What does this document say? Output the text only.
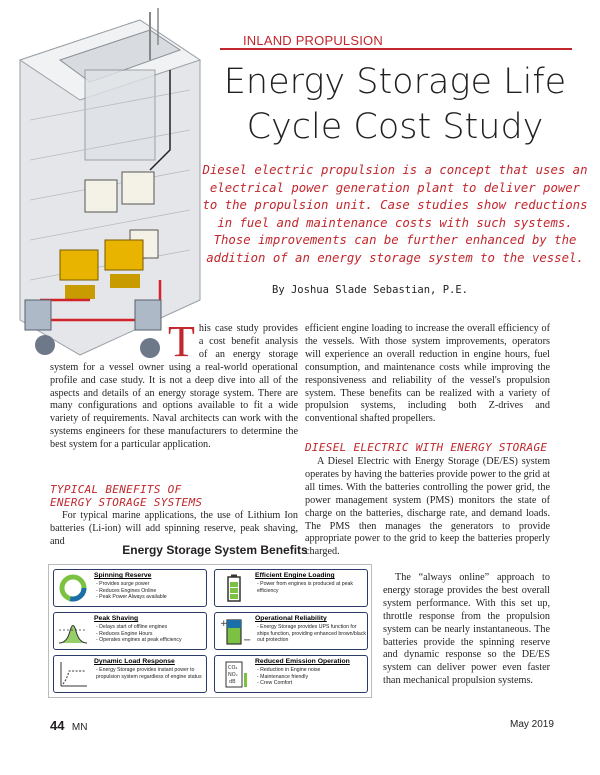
INLAND PROPULSION
Energy Storage Life
Cycle Cost Study
Diesel electric propulsion is a concept that uses an electrical power generation plant to deliver power to the propulsion unit. Case studies show reductions in fuel and maintenance costs with such systems. Those improvements can be further enhanced by the addition of an energy storage system to the vessel.
By Joshua Slade Sebastian, P.E.
T his case study provides a cost benefit analysis of an energy storage system for a vessel owner using a real-world operational profile and case study. It is not a deep dive into all of the aspects and details of an energy storage system. There are many configurations and options available to fit a wide variety of requirements. Naval architects can work with the systems engineers for these manufacturers to determine the best system for a particular application.
efficient engine loading to increase the overall efficiency of the vessels. With those system improvements, operators will experience an overall reduction in engine hours, fuel consumption, and maintenance costs while improving the responsiveness and reliability of the vessel's propulsion system. These benefits can be realized with a variety of propulsion systems, including both Z-drives and conventional shafted propellers.
TYPICAL BENEFITS OF
ENERGY STORAGE SYSTEMS
For typical marine applications, the use of Lithium Ion batteries (Li-ion) will add spinning reserve, peak shaving, and
DIESEL ELECTRIC WITH ENERGY STORAGE
A Diesel Electric with Energy Storage (DE/ES) system operates by having the batteries provide power to the grid at all times. With the batteries controlling the power grid, the power management system (PMS) monitors the state of charge on the batteries, discharge rate, and demand loads. The PMS then manages the generators to provide appropriate power to the grid to keep the batteries properly charged.
Energy Storage System Benefits
Spinning Reserve
- Provides surge power
- Reduces Engines Online
- Peak Power Always available
Efficient Engine Loading
- Power from engines is produced at peak efficiency
Peak Shaving
- Delays start of offline engines
- Reduces Engine Hours
- Operates engines at peak efficiency
+
−
Operational Reliability
- Energy Storage provides UPS function for ships function, providing enhanced brown/black out protection
Dynamic Load Response
- Energy Storage provides instant power to propulsion system regardless of engine status
CO₂
NOₓ
dB
Reduced Emission Operation
- Reduction in Engine noise
- Maintenance friendly
- Crew Comfort
The “always online” approach to energy storage provides the best overall system performance. With this set up, throttle response from the propulsion system can be nearly instantaneous. The batteries provide the spinning reserve and dynamic response so the DE/ES system can deliver power even faster than mechanical propulsion systems.
44 MN	May 2019
